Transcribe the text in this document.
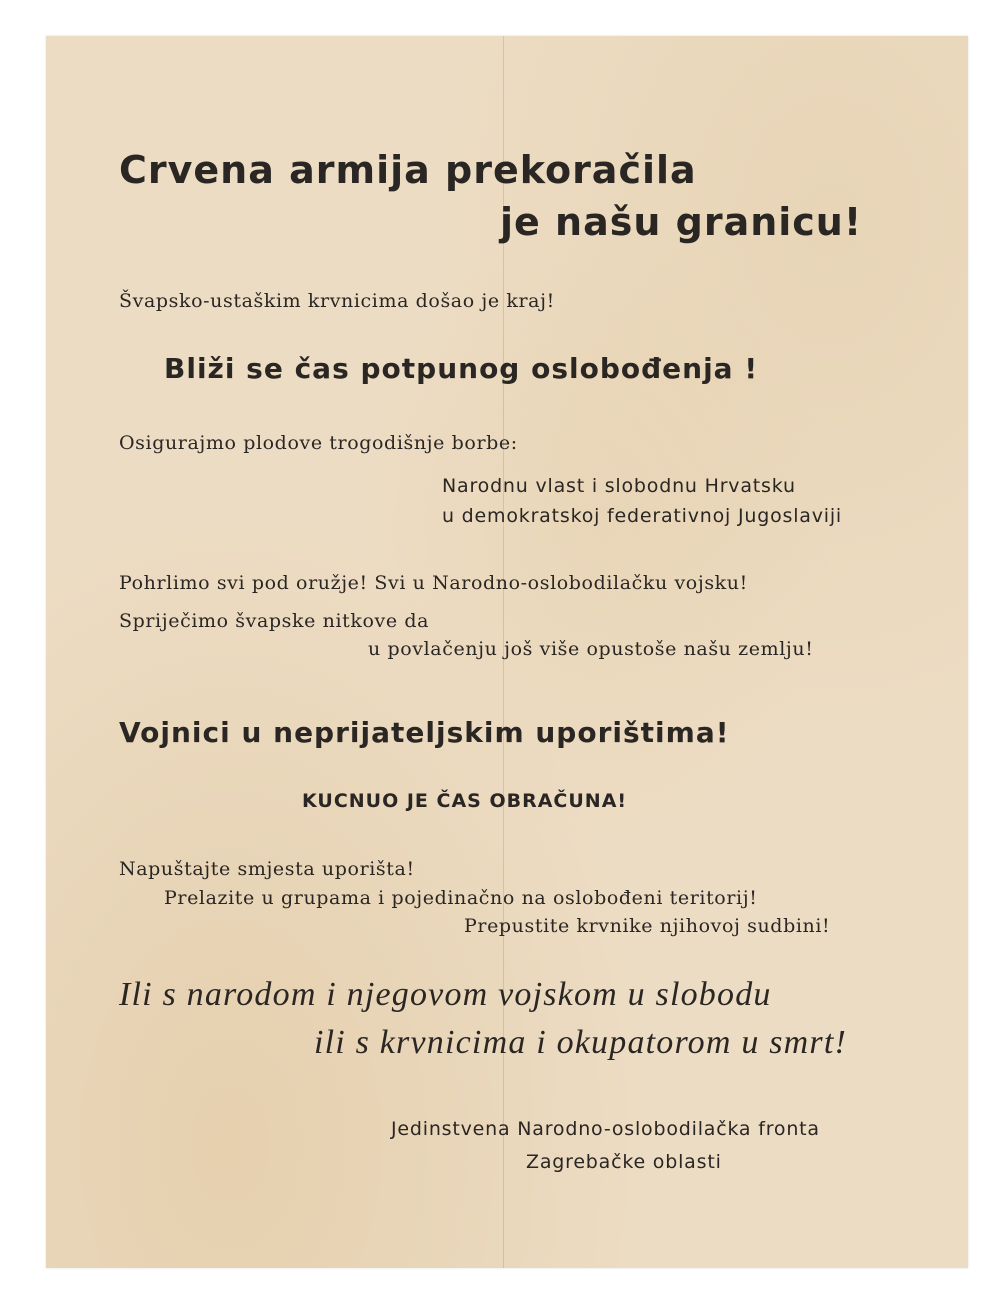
Crvena armija prekoračila
je našu granicu!
Švapsko-ustaškim krvnicima došao je kraj!
Bliži se čas potpunog oslobođenja !
Osigurajmo plodove trogodišnje borbe:
Narodnu vlast i slobodnu Hrvatsku
u demokratskoj federativnoj Jugoslaviji
Pohrlimo svi pod oružje! Svi u Narodno-oslobodilačku vojsku!
Spriječimo švapske nitkove da
u povlačenju još više opustoše našu zemlju!
Vojnici u neprijateljskim uporištima!
KUCNUO JE ČAS OBRAČUNA!
Napuštajte smjesta uporišta!
Prelazite u grupama i pojedinačno na oslobođeni teritorij!
Prepustite krvnike njihovoj sudbini!
Ili s narodom i njegovom vojskom u slobodu
ili s krvnicima i okupatorom u smrt!
Jedinstvena Narodno-oslobodilačka fronta
Zagrebačke oblasti
